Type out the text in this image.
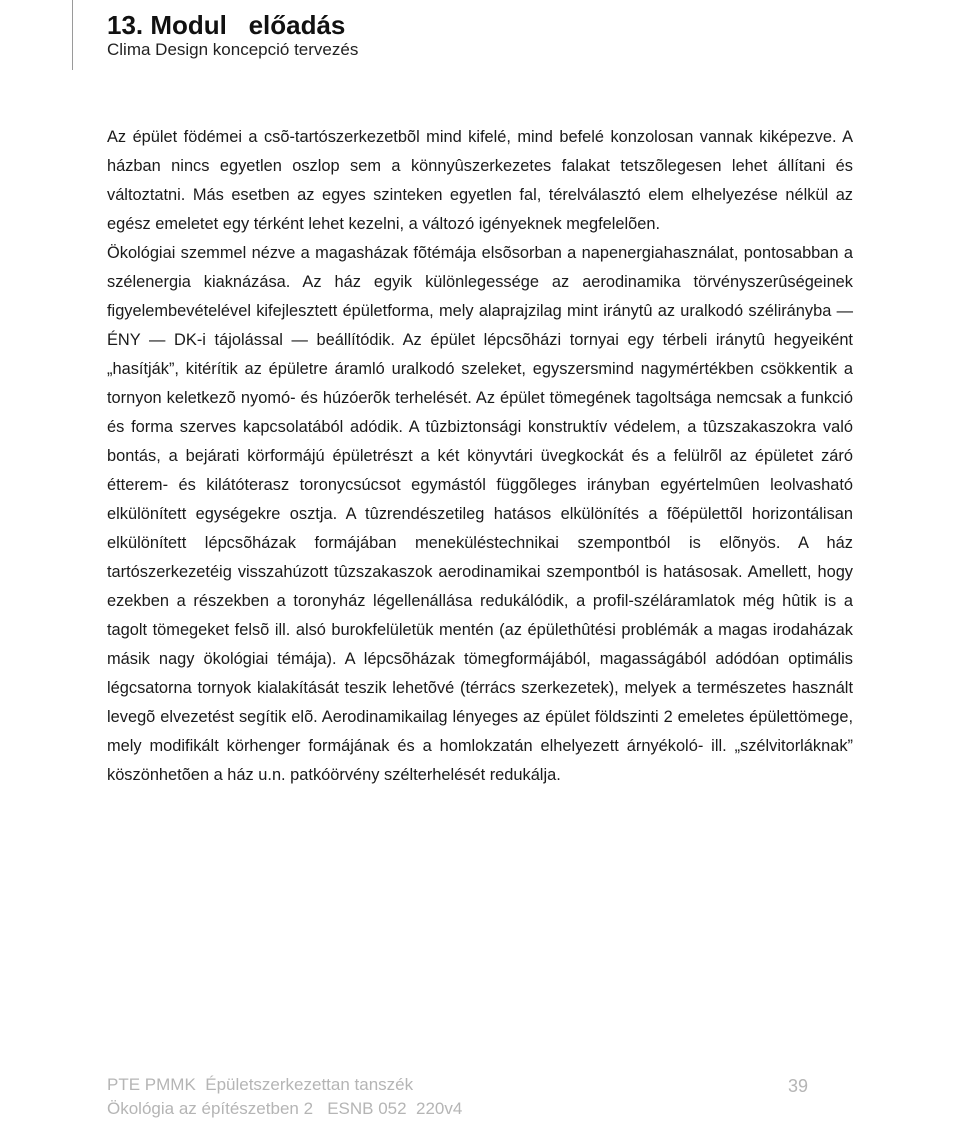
13. Modul   előadás
Clima Design koncepció tervezés

Az épület födémei a csõ-tartószerkezetbõl mind kifelé, mind befelé konzolosan vannak kiképezve. A házban nincs egyetlen oszlop sem a könnyûszerkezetes falakat tetszõlegesen lehet állítani és változtatni. Más esetben az egyes szinteken egyetlen fal, térelválasztó elem elhelyezése nélkül az egész emeletet egy térként lehet kezelni, a változó igényeknek megfelelõen.

Ökológiai szemmel nézve a magasházak fõtémája elsõsorban a napenergiahasználat, pontosabban a szélenergia kiaknázása. Az ház egyik különlegessége az aerodinamika törvényszerûségeinek figyelembevételével kifejlesztett épületforma, mely alaprajzilag mint iránytû az uralkodó szélirányba — ÉNY — DK-i tájolással — beállítódik. Az épület lépcsõházi tornyai egy térbeli iránytû hegyeiként „hasítják”, kitérítik az épületre áramló uralkodó szeleket, egyszersmind nagymértékben csökkentik a tornyon keletkezõ nyomó- és húzóerõk terhelését. Az épület tömegének tagoltsága nemcsak a funkció és forma szerves kapcsolatából adódik. A tûzbiztonsági konstruktív védelem, a tûzszakaszokra való bontás, a bejárati körformájú épületrészt a két könyvtári üvegkockát és a felülrõl az épületet záró étterem- és kilátóterasz toronycsúcsot egymástól függõleges irányban egyértelmûen leolvasható elkülönített egységekre osztja. A tûzrendészetileg hatásos elkülönítés a fõépülettõl horizontálisan elkülönített lépcsõházak formájában meneküléstechnikai szempontból is elõnyös. A ház tartószerkezetéig visszahúzott tûzszakaszok aerodinamikai szempontból is hatásosak. Amellett, hogy ezekben a részekben a toronyház légellenállása redukálódik, a profil-széláramlatok még hûtik is a tagolt tömegeket felsõ ill. alsó burokfelületük mentén (az épülethûtési problémák a magas irodaházak másik nagy ökológiai témája). A lépcsõházak tömegformájából, magasságából adódóan optimális légcsatorna tornyok kialakítását teszik lehetõvé (térrács szerkezetek), melyek a természetes használt levegõ elvezetést segítik elõ. Aerodinamikailag lényeges az épület földszinti 2 emeletes épülettömege, mely modifikált körhenger formájának és a homlokzatán elhelyezett árnyékoló- ill. „szélvitorláknak” köszönhetõen a ház u.n. patkóörvény szélterhelését redukálja.

PTE PMMK  Épületszerkezettan tanszék
Ökológia az építészetben 2   ESNB 052  220v4
39
